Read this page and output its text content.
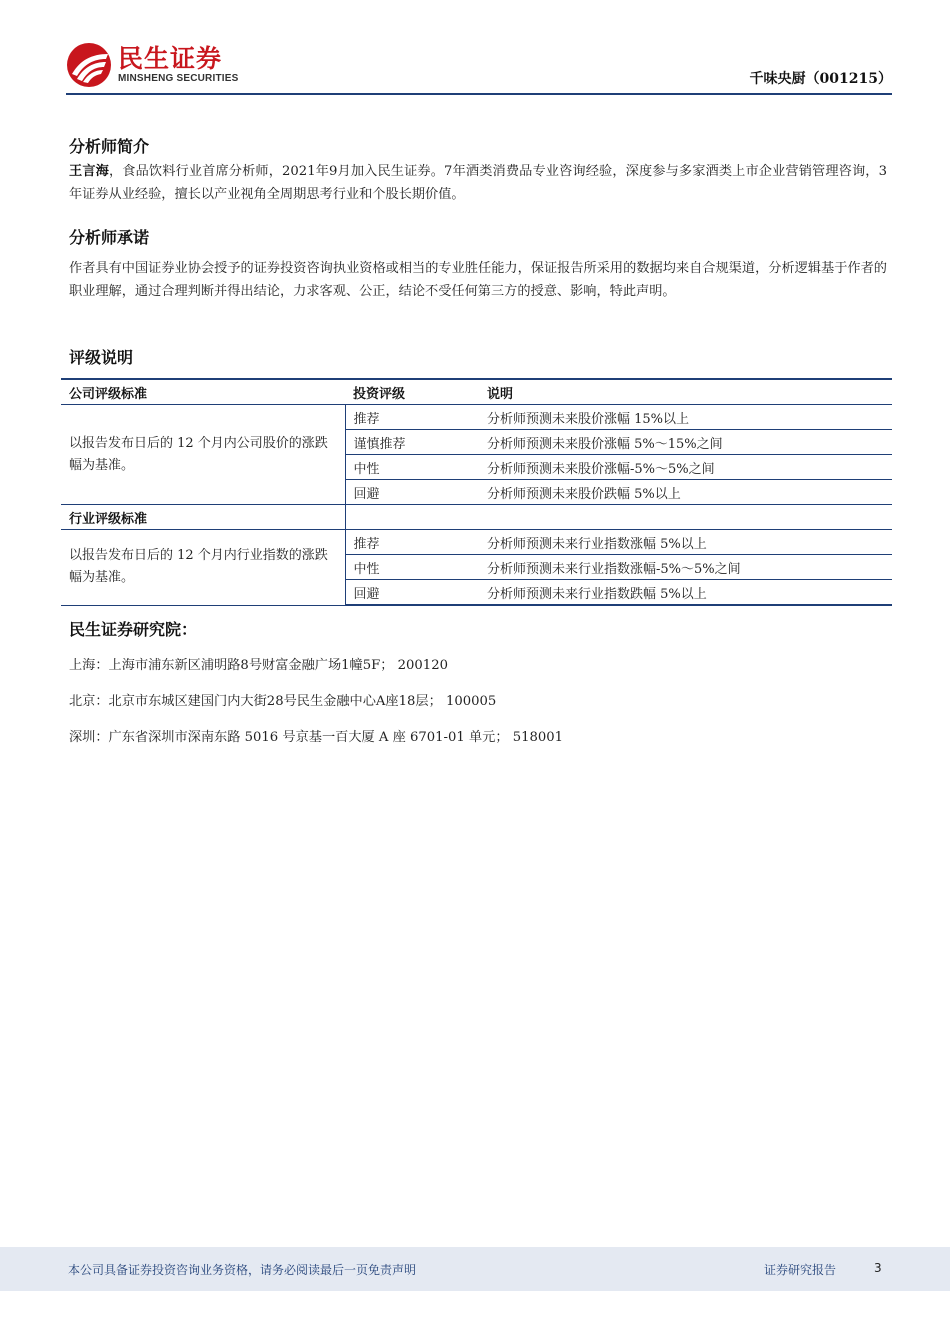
民生证券
MINSHENG SECURITIES	千味央厨（001215）
分析师简介
王言海，食品饮料行业首席分析师，2021年9月加入民生证券。7年酒类消费品专业咨询经验，深度参与多家酒类上市企业营销管理咨询，3年证券从业经验，擅长以产业视角全周期思考行业和个股长期价值。
分析师承诺
作者具有中国证券业协会授予的证券投资咨询执业资格或相当的专业胜任能力，保证报告所采用的数据均来自合规渠道，分析逻辑基于作者的职业理解，通过合理判断并得出结论，力求客观、公正，结论不受任何第三方的授意、影响，特此声明。
评级说明
公司评级标准	投资评级	说明
以报告发布日后的 12 个月内公司股价的涨跌幅为基准。	推荐	分析师预测未来股价涨幅 15%以上
	谨慎推荐	分析师预测未来股价涨幅 5%～15%之间
	中性	分析师预测未来股价涨幅-5%～5%之间
	回避	分析师预测未来股价跌幅 5%以上
行业评级标准		
以报告发布日后的 12 个月内行业指数的涨跌幅为基准。	推荐	分析师预测未来行业指数涨幅 5%以上
	中性	分析师预测未来行业指数涨幅-5%～5%之间
	回避	分析师预测未来行业指数跌幅 5%以上
民生证券研究院：
上海：上海市浦东新区浦明路8号财富金融广场1幢5F； 200120
北京：北京市东城区建国门内大街28号民生金融中心A座18层； 100005
深圳：广东省深圳市深南东路 5016 号京基一百大厦 A 座 6701-01 单元； 518001
本公司具备证券投资咨询业务资格，请务必阅读最后一页免责声明	证券研究报告	3
